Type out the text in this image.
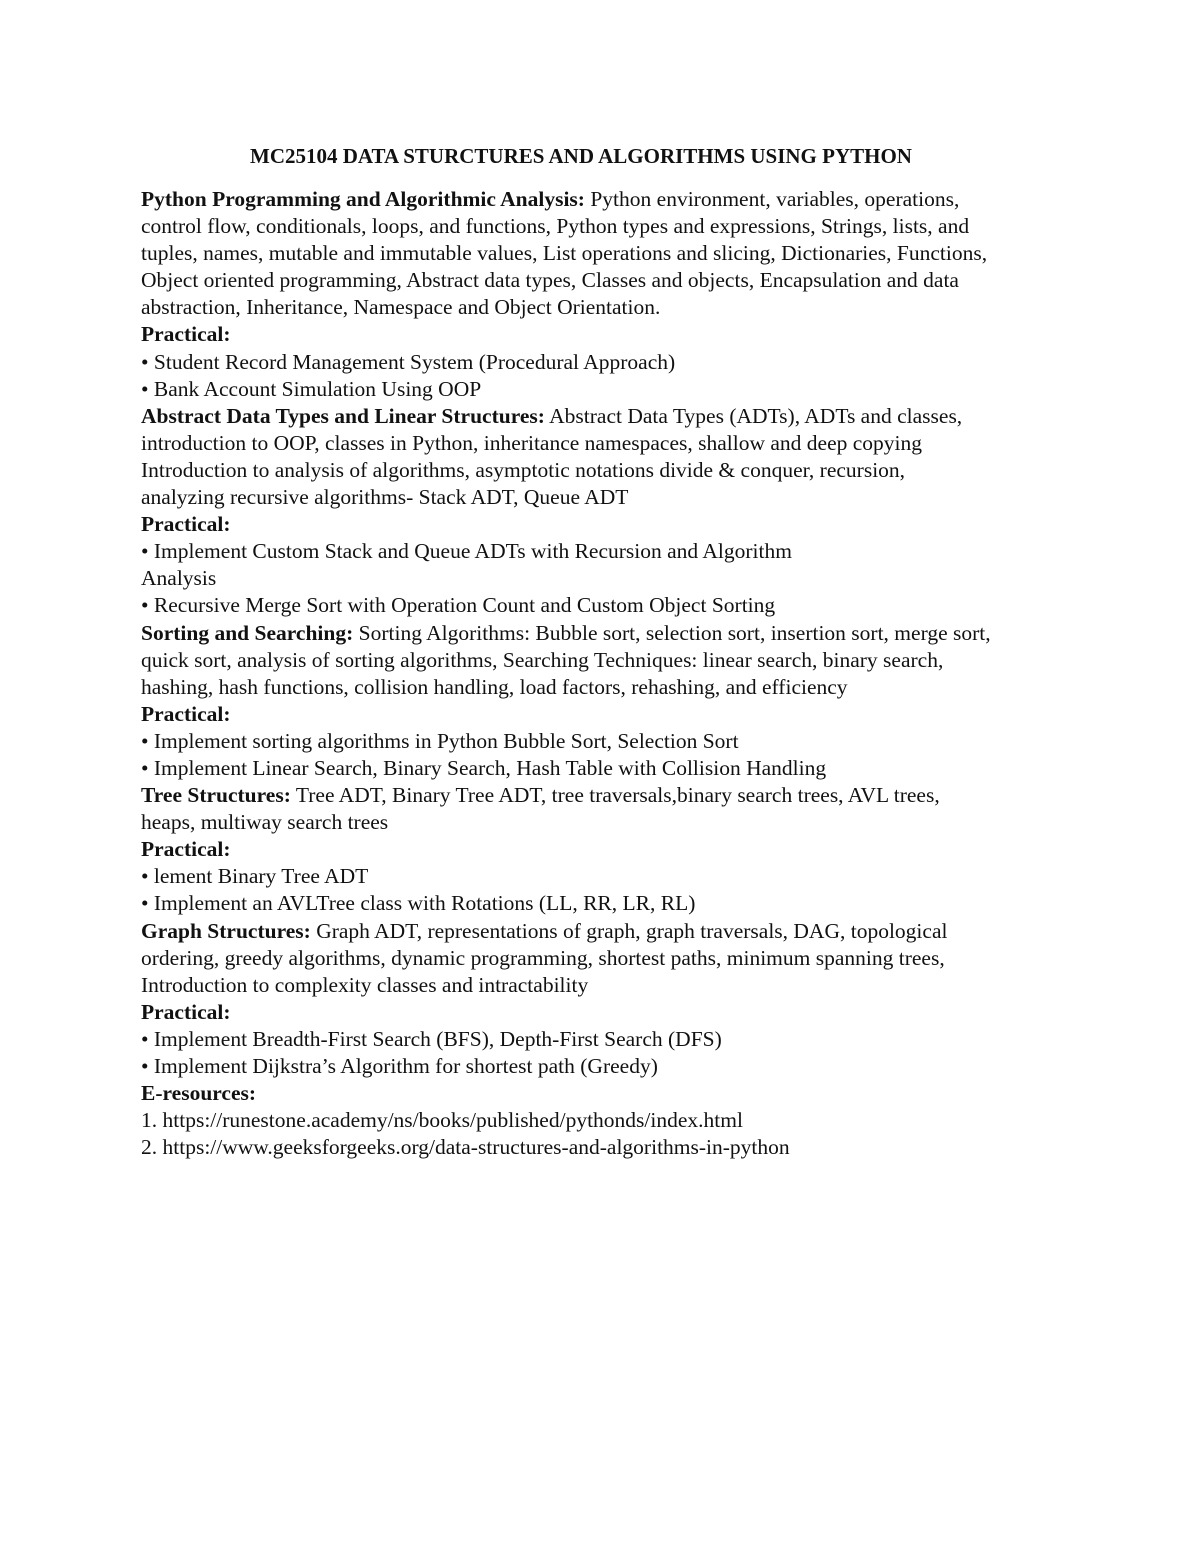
MC25104 DATA STURCTURES AND ALGORITHMS USING PYTHON

Python Programming and Algorithmic Analysis: Python environment, variables, operations, control flow, conditionals, loops, and functions, Python types and expressions, Strings, lists, and tuples, names, mutable and immutable values, List operations and slicing, Dictionaries, Functions, Object oriented programming, Abstract data types, Classes and objects, Encapsulation and data abstraction, Inheritance, Namespace and Object Orientation.

Practical:

• Student Record Management System (Procedural Approach)

• Bank Account Simulation Using OOP

Abstract Data Types and Linear Structures: Abstract Data Types (ADTs), ADTs and classes, introduction to OOP, classes in Python, inheritance namespaces, shallow and deep copying Introduction to analysis of algorithms, asymptotic notations divide & conquer, recursion, analyzing recursive algorithms- Stack ADT, Queue ADT

Practical:

• Implement Custom Stack and Queue ADTs with Recursion and Algorithm Analysis

• Recursive Merge Sort with Operation Count and Custom Object Sorting

Sorting and Searching: Sorting Algorithms: Bubble sort, selection sort, insertion sort, merge sort, quick sort, analysis of sorting algorithms, Searching Techniques: linear search, binary search, hashing, hash functions, collision handling, load factors, rehashing, and efficiency

Practical:

• Implement sorting algorithms in Python Bubble Sort, Selection Sort

• Implement Linear Search, Binary Search, Hash Table with Collision Handling

Tree Structures: Tree ADT, Binary Tree ADT, tree traversals,binary search trees, AVL trees, heaps, multiway search trees

Practical:

• lement Binary Tree ADT

• Implement an AVLTree class with Rotations (LL, RR, LR, RL)

Graph Structures: Graph ADT, representations of graph, graph traversals, DAG, topological ordering, greedy algorithms, dynamic programming, shortest paths, minimum spanning trees, Introduction to complexity classes and intractability

Practical:

• Implement Breadth-First Search (BFS), Depth-First Search (DFS)

• Implement Dijkstra’s Algorithm for shortest path (Greedy)

E-resources:

1. https://runestone.academy/ns/books/published/pythonds/index.html

2. https://www.geeksforgeeks.org/data-structures-and-algorithms-in-python
